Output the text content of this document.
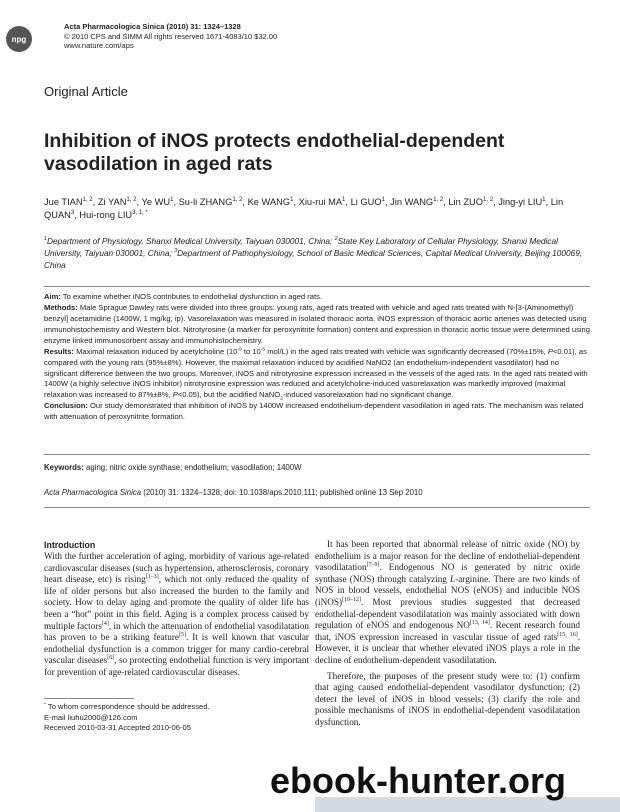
npg
Acta Pharmacologica Sinica (2010) 31: 1324–1328
© 2010 CPS and SIMM All rights reserved 1671-4083/10 $32.00
www.nature.com/aps
Original Article
Inhibition of iNOS protects endothelial-dependent
vasodilation in aged rats
Jue TIAN$^{1, 2}$, Zi YAN$^{1, 2}$, Ye $WU^1$, Su-li ZHANG$^{1, 2}$, Ke WANG$^1$, Xiu-rui $MA^1$, Li GUO$^1$, Jin WANG$^{1, 2}$, Lin ZUO$^{1, 2}$, Jing-yi LIU$^1$, Lin QUAN$^3$, Hui-rong $LIU^{3, 1, *}$
$^1$Department of Physiology, Shanxi Medical University, Taiyuan 030001, China; $^2$State Key Laboratory of Cellular Physiology, Shanxi Medical University, Taiyuan 030001, China; $^3$Department of Pathophysiology, School of Basic Medical Sciences, Capital Medical University, Beijing 100069, China

Aim: To examine whether iNOS contributes to endothelial dysfunction in aged rats.

Methods: Male Sprague Dawley rats were divided into three groups: young rats, aged rats treated with vehicle and aged rats treated with N-[3-(Aminomethyl) benzyl] acetamidine (1400W, 1 mg/kg, ip). Vasorelaxation was measured in isolated thoracic aorta. iNOS expression of thoracic aortic arteries was detected using immunohistochemistry and Western blot. Nitrotyrosine (a marker for peroxynitrite formation) content and expression in thoracic aortic tissue were determined using enzyme linked immunosorbent assay and immunohistochemistry.

Results: Maximal relaxation induced by acetylcholine ($10^{-9}$ to $10^{-5}$ mol/L) in the aged rats treated with vehicle was significantly decreased (70%±15%, P<0.01), as compared with the young rats (95%±8%). However, the maximal relaxation induced by acidified NaNO2 (an endothelium-independent vasodilator) had no significant difference between the two groups. Moreover, iNOS and nitrotyrosine expression increased in the vessels of the aged rats. In the aged rats treated with 1400W (a highly selective iNOS inhibitor) nitrotyrosine expression was reduced and acetylcholine-induced vasorelaxation was markedly improved (maximal relaxation was increased to 87%±8%, P<0.05), but the acidified NaNO$_2$-induced vasorelaxation had no significant change.

Conclusion: Our study demonstrated that inhibition of iNOS by 1400W increased endothelium-dependent vasodilation in aged rats. The mechanism was related with attenuation of peroxynitrite formation.

Keywords: aging; nitric oxide synthase; endothelium; vasodilation; 1400W
Acta Pharmacologica Sinica (2010) 31: 1324–1328; doi: 10.1038/aps.2010.111; published online 13 Sep 2010
Introduction

With the further acceleration of aging, morbidity of various age-related cardiovascular diseases (such as hypertension, atherosclerosis, coronary heart disease, etc) is rising[1–3], which not only reduced the quality of life of older persons but also increased the burden to the family and society. How to delay aging and promote the quality of older life has been a “hot” point in this field. Aging is a complex process caused by multiple factors[4], in which the attenuation of endothelial vasodilatation has proven to be a striking feature[5]. It is well known that vascular endothelial dysfunction is a common trigger for many cardio-cerebral vascular diseases[6], so protecting endothelial function is very important for prevention of age-related cardiovascular diseases.

* To whom correspondence should be addressed.
E-mail liuhu2000@126.com
Received 2010-03-31 Accepted 2010-06-05

It has been reported that abnormal release of nitric oxide (NO) by endothelium is a major reason for the decline of endothelial-dependent vasodilatation[7–9]. Endogenous NO is generated by nitric oxide synthase (NOS) through catalyzing L-arginine. There are two kinds of NOS in blood vessels, endothelial NOS (eNOS) and inducible NOS (iNOS)[10–12]. Most previous studies suggested that decreased endothelial-dependent vasodilatation was mainly associated with down regulation of eNOS and endogenous NO[13, 14]. Recent research found that, iNOS expression increased in vascular tissue of aged rats[15, 16]. However, it is unclear that whether elevated iNOS plays a role in the decline of endothelium-dependent vasodilatation.

Therefore, the purposes of the present study were to: (1) confirm that aging caused endothelial-dependent vasodilator dysfunction; (2) detect the level of iNOS in blood vessels; (3) clarify the role and possible mechanisms of iNOS in endothelial-dependent vasodilatation dysfunction.

ebook-hunter.org
